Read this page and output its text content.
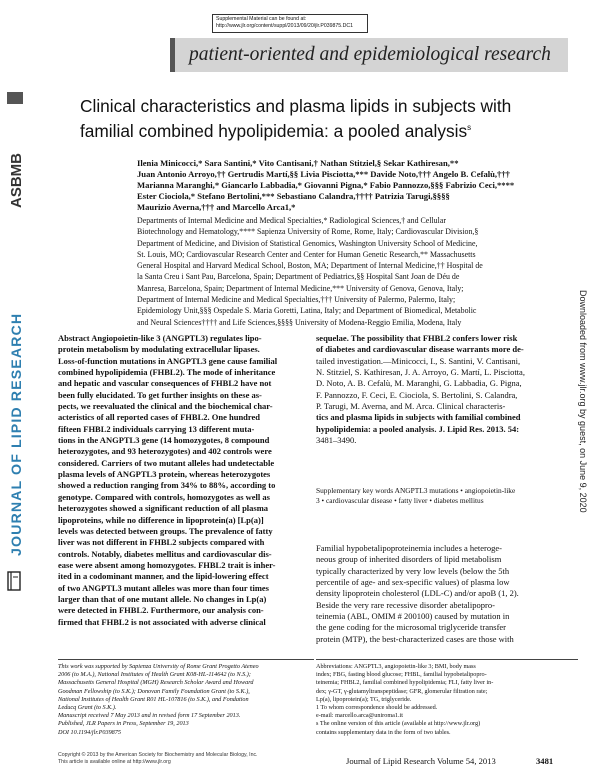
Supplemental Material can be found at:
http://www.jlr.org/content/suppl/2013/09/20/jlr.P039875.DC1
patient-oriented and epidemiological research
ASBMB
JOURNAL OF LIPID RESEARCH	Downloaded from www.jlr.org by guest, on June 9, 2020
Clinical characteristics and plasma lipids in subjects with
familial combined hypolipidemia: a pooled analysis$^s$
Ilenia Minicocci,* Sara Santini,* Vito Cantisani,† Nathan Stitziel,§ Sekar Kathiresan,**
Juan Antonio Arroyo,†† Gertrudis Martí,§§ Livia Pisciotta,*** Davide Noto,††† Angelo B. Cefalù,†††
Marianna Maranghi,* Giancarlo Labbadia,* Giovanni Pigna,* Fabio Pannozzo,§§§ Fabrizio Ceci,****
Ester Ciociola,* Stefano Bertolini,*** Sebastiano Calandra,†††† Patrizia Tarugi,§§§§
Maurizio Averna,††† and Marcello Arca1,*
Departments of Internal Medicine and Medical Specialties,* Radiological Sciences,† and Cellular
Biotechnology and Hematology,**** Sapienza University of Rome, Rome, Italy; Cardiovascular Division,§
Department of Medicine, and Division of Statistical Genomics, Washington University School of Medicine,
St. Louis, MO; Cardiovascular Research Center and Center for Human Genetic Research,** Massachusetts
General Hospital and Harvard Medical School, Boston, MA; Department of Internal Medicine,†† Hospital de
la Santa Creu i Sant Pau, Barcelona, Spain; Department of Pediatrics,§§ Hospital Sant Joan de Déu de
Manresa, Barcelona, Spain; Department of Internal Medicine,*** University of Genova, Genova, Italy;
Department of Internal Medicine and Medical Specialties,††† University of Palermo, Palermo, Italy;
Epidemiology Unit,§§§ Ospedale S. Maria Goretti, Latina, Italy; and Department of Biomedical, Metabolic
and Neural Sciences†††† and Life Sciences,§§§§ University of Modena-Reggio Emilia, Modena, Italy
Abstract Angiopoietin-like 3 (ANGPTL3) regulates lipo-
protein metabolism by modulating extracellular lipases.
Loss-of-function mutations in ANGPTL3 gene cause familial
combined hypolipidemia (FHBL2). The mode of inheritance
and hepatic and vascular consequences of FHBL2 have not
been fully elucidated. To get further insights on these as-
pects, we reevaluated the clinical and the biochemical char-
acteristics of all reported cases of FHBL2. One hundred
fifteen FHBL2 individuals carrying 13 different muta-
tions in the ANGPTL3 gene (14 homozygotes, 8 compound
heterozygotes, and 93 heterozygotes) and 402 controls were
considered. Carriers of two mutant alleles had undetectable
plasma levels of ANGPTL3 protein, whereas heterozygotes
showed a reduction ranging from 34% to 88%, according to
genotype. Compared with controls, homozygotes as well as
heterozygotes showed a significant reduction of all plasma
lipoproteins, while no difference in lipoprotein(a) [Lp(a)]
levels was detected between groups. The prevalence of fatty
liver was not different in FHBL2 subjects compared with
controls. Notably, diabetes mellitus and cardiovascular dis-
ease were absent among homozygotes. FHBL2 trait is inher-
ited in a codominant manner, and the lipid-lowering effect
of two ANGPTL3 mutant alleles was more than four times
larger than that of one mutant allele. No changes in Lp(a)
were detected in FHBL2. Furthermore, our analysis con-
firmed that FHBL2 is not associated with adverse clinical
sequelae. The possibility that FHBL2 confers lower risk
of diabetes and cardiovascular disease warrants more de-
tailed investigation.—Minicocci, I., S. Santini, V. Cantisani,
N. Stitziel, S. Kathiresan, J. A. Arroyo, G. Martí, L. Pisciotta,
D. Noto, A. B. Cefalù, M. Maranghi, G. Labbadia, G. Pigna,
F. Pannozzo, F. Ceci, E. Ciociola, S. Bertolini, S. Calandra,
P. Tarugi, M. Averna, and M. Arca. Clinical characteris-
tics and plasma lipids in subjects with familial combined
hypolipidemia: a pooled analysis. J. Lipid Res. 2013. 54:
3481–3490.
Supplementary key words ANGPTL3 mutations • angiopoietin-like
3 • cardiovascular disease • fatty liver • diabetes mellitus
Familial hypobetalipoproteinemia includes a heteroge-
neous group of inherited disorders of lipid metabolism
typically characterized by very low levels (below the 5th
percentile of age- and sex-specific values) of plasma low
density lipoprotein cholesterol (LDL-C) and/or apoB (1, 2).
Beside the very rare recessive disorder abetalipopro-
teinemia (ABL, OMIM # 200100) caused by mutation in
the gene coding for the microsomal triglyceride transfer
protein (MTP), the best-characterized cases are those with
This work was supported by Sapienza University of Rome Grant Progetto Ateneo
2006 (to M.A.), National Institutes of Health Grant K08-HL-114642 (to N.S.);
Massachusetts General Hospital (MGH) Research Scholar Award and Howard
Goodman Fellowship (to S.K.); Donovan Family Foundation Grant (to S.K.),
National Institutes of Health Grant R01 HL-107816 (to S.K.), and Fondation
Leducq Grant (to S.K.).
Manuscript received 7 May 2013 and in revised form 17 September 2013.
Published, JLR Papers in Press, September 19, 2013
DOI 10.1194/jlr.P039875
Abbreviations: ANGPTL3, angiopoietin-like 3; BMI, body mass
index; FBG, fasting blood glucose; FHBL, familial hypobetalipopro-
teinemia; FHBL2, familial combined hypolipidemia; FLI, fatty liver in-
dex; γ-GT, γ-glutamyltranspeptidase; GFR, glomerular filtration rate;
Lp(a), lipoprotein(a); TG, triglyceride.
1 To whom correspondence should be addressed.
e-mail: marcello.arca@uniroma1.it
s The online version of this article (available at http://www.jlr.org)
contains supplementary data in the form of two tables.
Copyright © 2013 by the American Society for Biochemistry and Molecular Biology, Inc.
This article is available online at http://www.jlr.org	Journal of Lipid Research Volume 54, 2013	3481
